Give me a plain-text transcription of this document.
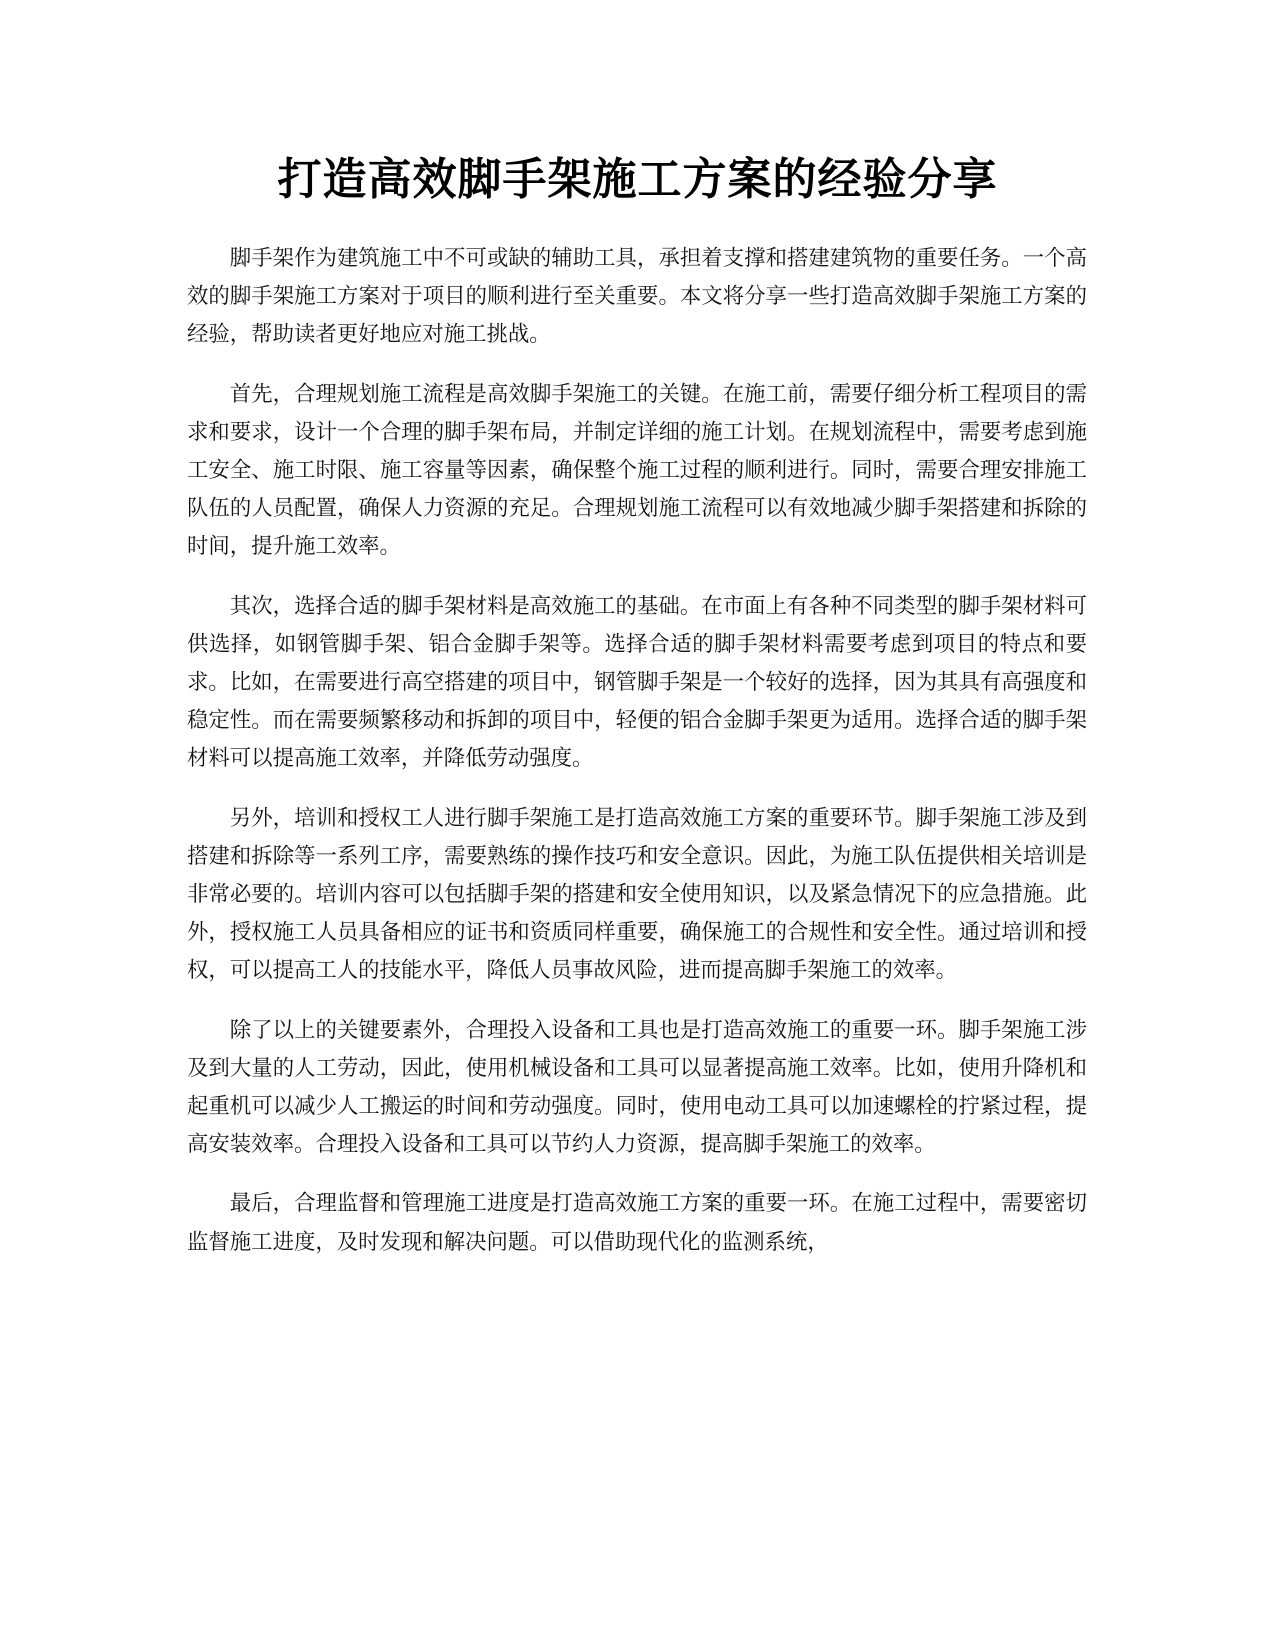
打造高效脚手架施工方案的经验分享

脚手架作为建筑施工中不可或缺的辅助工具，承担着支撑和搭建建筑物的重要任务。一个高效的脚手架施工方案对于项目的顺利进行至关重要。本文将分享一些打造高效脚手架施工方案的经验，帮助读者更好地应对施工挑战。

首先，合理规划施工流程是高效脚手架施工的关键。在施工前，需要仔细分析工程项目的需求和要求，设计一个合理的脚手架布局，并制定详细的施工计划。在规划流程中，需要考虑到施工安全、施工时限、施工容量等因素，确保整个施工过程的顺利进行。同时，需要合理安排施工队伍的人员配置，确保人力资源的充足。合理规划施工流程可以有效地减少脚手架搭建和拆除的时间，提升施工效率。

其次，选择合适的脚手架材料是高效施工的基础。在市面上有各种不同类型的脚手架材料可供选择，如钢管脚手架、铝合金脚手架等。选择合适的脚手架材料需要考虑到项目的特点和要求。比如，在需要进行高空搭建的项目中，钢管脚手架是一个较好的选择，因为其具有高强度和稳定性。而在需要频繁移动和拆卸的项目中，轻便的铝合金脚手架更为适用。选择合适的脚手架材料可以提高施工效率，并降低劳动强度。

另外，培训和授权工人进行脚手架施工是打造高效施工方案的重要环节。脚手架施工涉及到搭建和拆除等一系列工序，需要熟练的操作技巧和安全意识。因此，为施工队伍提供相关培训是非常必要的。培训内容可以包括脚手架的搭建和安全使用知识，以及紧急情况下的应急措施。此外，授权施工人员具备相应的证书和资质同样重要，确保施工的合规性和安全性。通过培训和授权，可以提高工人的技能水平，降低人员事故风险，进而提高脚手架施工的效率。

除了以上的关键要素外，合理投入设备和工具也是打造高效施工的重要一环。脚手架施工涉及到大量的人工劳动，因此，使用机械设备和工具可以显著提高施工效率。比如，使用升降机和起重机可以减少人工搬运的时间和劳动强度。同时，使用电动工具可以加速螺栓的拧紧过程，提高安装效率。合理投入设备和工具可以节约人力资源，提高脚手架施工的效率。

最后，合理监督和管理施工进度是打造高效施工方案的重要一环。在施工过程中，需要密切监督施工进度，及时发现和解决问题。可以借助现代化的监测系统，
